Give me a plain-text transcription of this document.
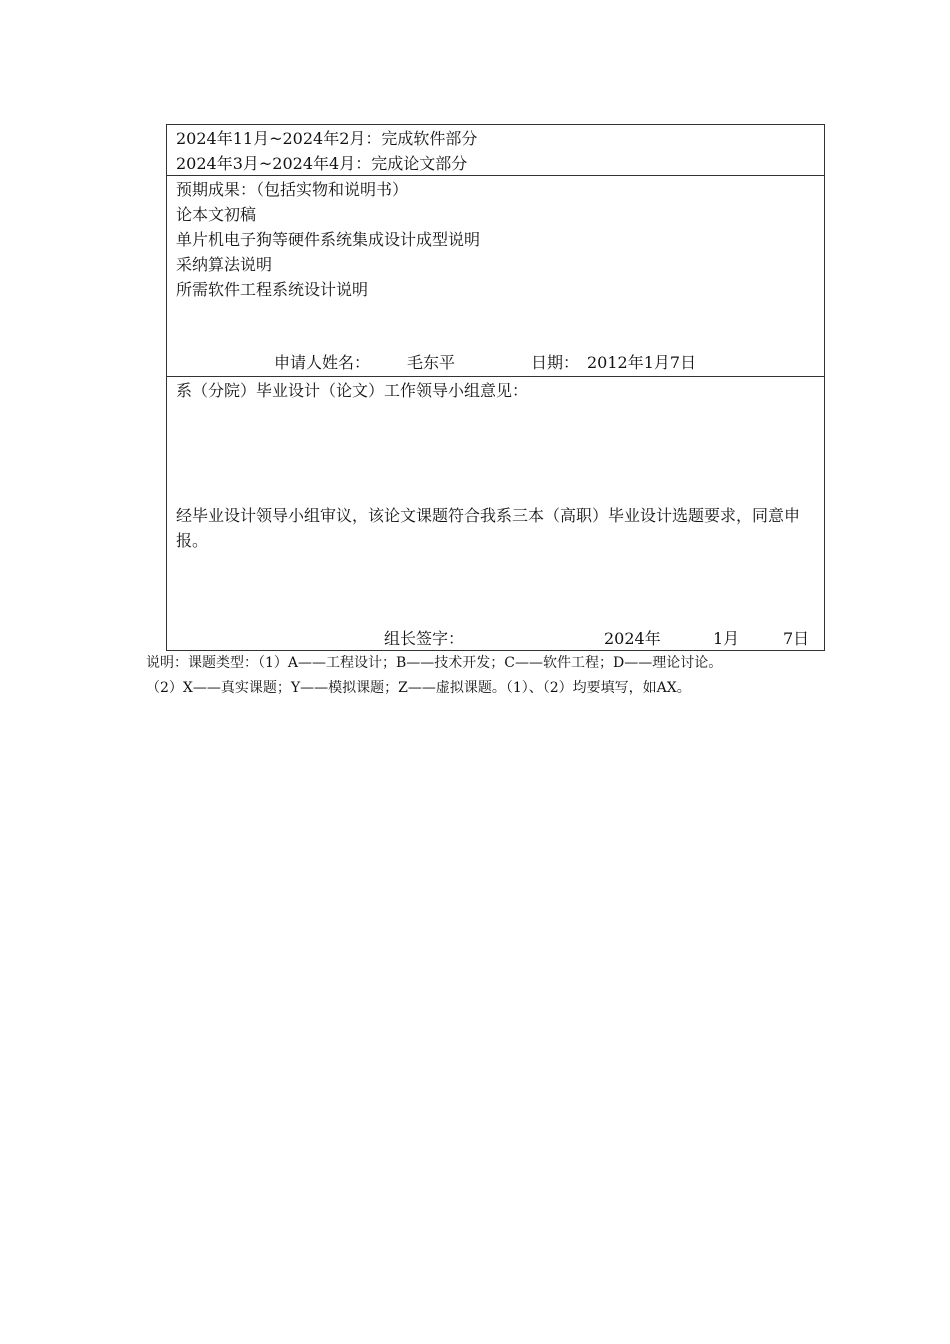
2024年11月~2024年2月：完成软件部分
2024年3月~2024年4月：完成论文部分
预期成果：（包括实物和说明书）
论本文初稿
单片机电子狗等硬件系统集成设计成型说明
采纳算法说明
所需软件工程系统设计说明
申请人姓名： 毛东平	日期： 2012年1月7日
系（分院）毕业设计（论文）工作领导小组意见：
经毕业设计领导小组审议，该论文课题符合我系三本（高职）毕业设计选题要求，同意申报。
组长签字：	2024年	1月	7日

说明：课题类型：（1）A——工程设计；B——技术开发；C——软件工程；D——理论讨论。

（2）X——真实课题；Y——模拟课题；Z——虚拟课题。（1）、（2）均要填写，如AX。
